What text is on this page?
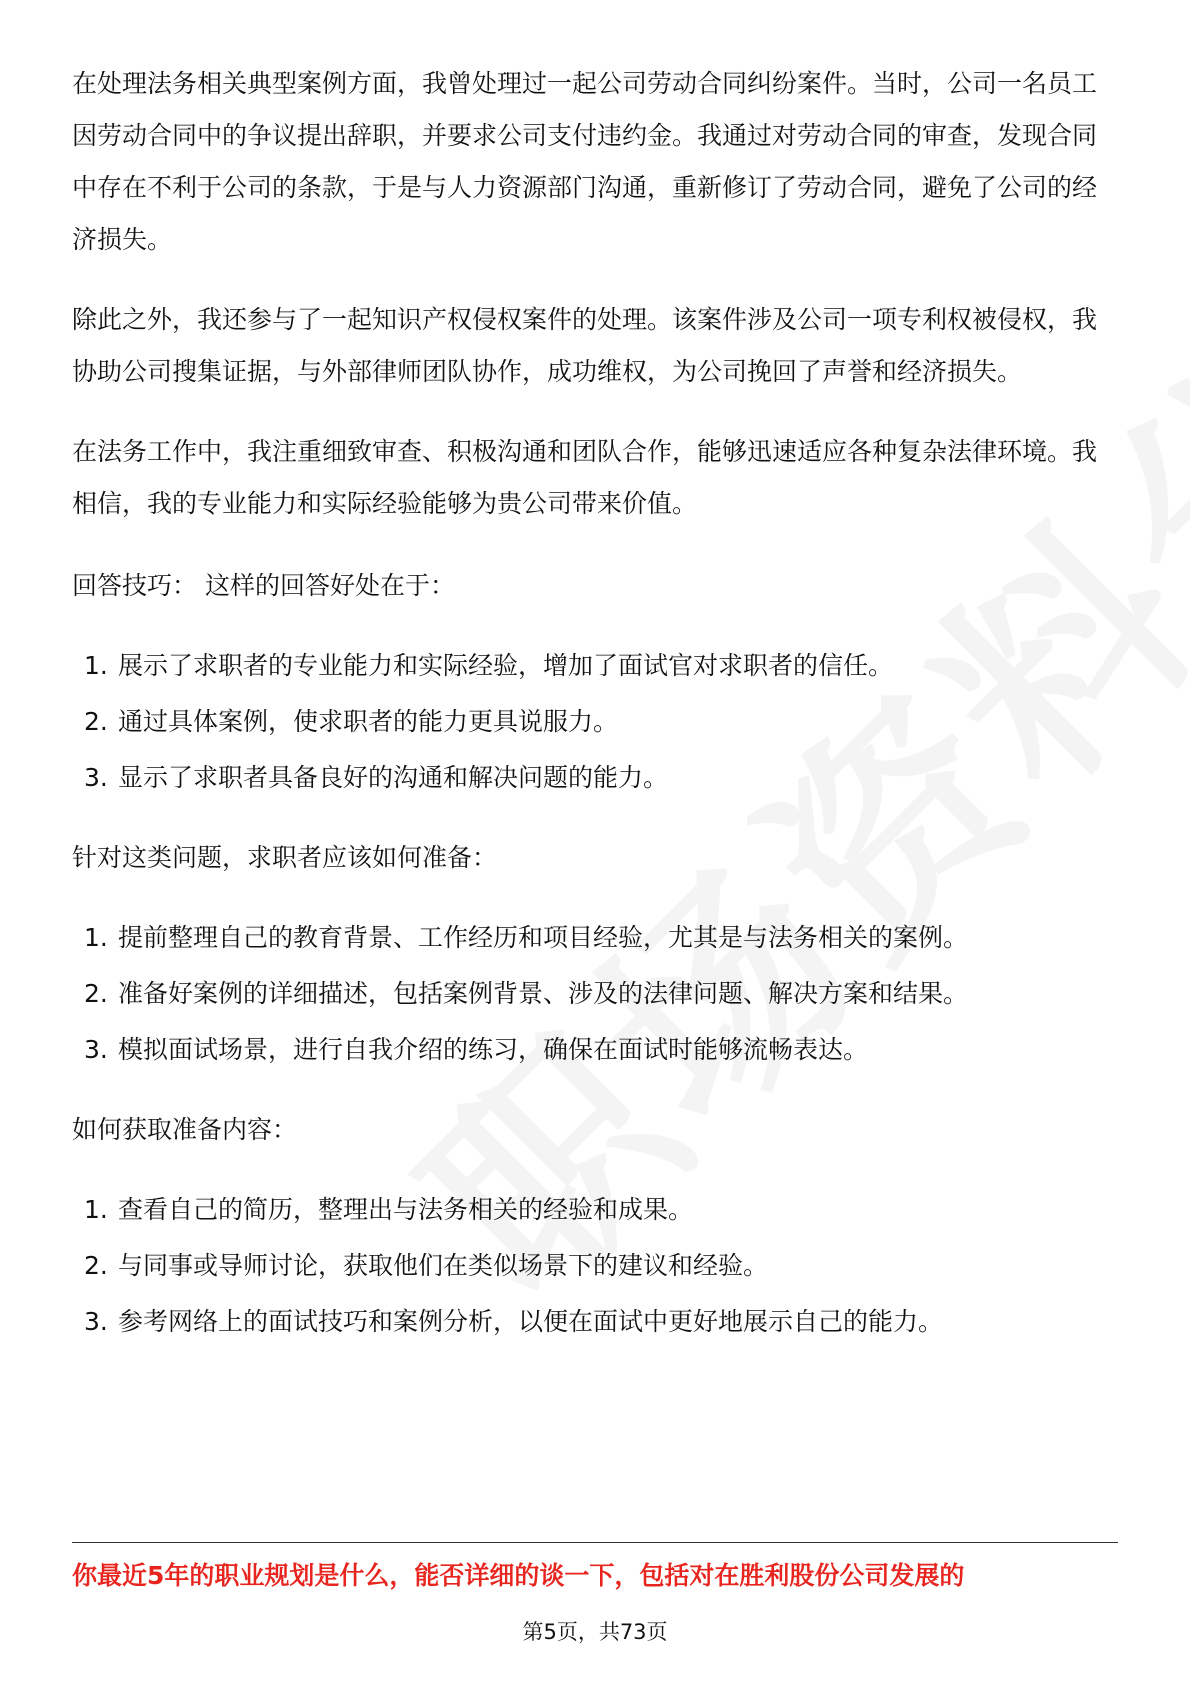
在处理法务相关典型案例方面，我曾处理过一起公司劳动合同纠纷案件。当时，公司一名员工因劳动合同中的争议提出辞职，并要求公司支付违约金。我通过对劳动合同的审查，发现合同中存在不利于公司的条款，于是与人力资源部门沟通，重新修订了劳动合同，避免了公司的经济损失。

除此之外，我还参与了一起知识产权侵权案件的处理。该案件涉及公司一项专利权被侵权，我协助公司搜集证据，与外部律师团队协作，成功维权，为公司挽回了声誉和经济损失。

在法务工作中，我注重细致审查、积极沟通和团队合作，能够迅速适应各种复杂法律环境。我相信，我的专业能力和实际经验能够为贵公司带来价值。

回答技巧： 这样的回答好处在于：

1. 展示了求职者的专业能力和实际经验，增加了面试官对求职者的信任。
2. 通过具体案例，使求职者的能力更具说服力。
3. 显示了求职者具备良好的沟通和解决问题的能力。

针对这类问题，求职者应该如何准备：

1. 提前整理自己的教育背景、工作经历和项目经验，尤其是与法务相关的案例。
2. 准备好案例的详细描述，包括案例背景、涉及的法律问题、解决方案和结果。
3. 模拟面试场景，进行自我介绍的练习，确保在面试时能够流畅表达。

如何获取准备内容：

1. 查看自己的简历，整理出与法务相关的经验和成果。
2. 与同事或导师讨论，获取他们在类似场景下的建议和经验。
3. 参考网络上的面试技巧和案例分析，以便在面试中更好地展示自己的能力。
你最近5年的职业规划是什么，能否详细的谈一下，包括对在胜利股份公司发展的
第5页，共73页
